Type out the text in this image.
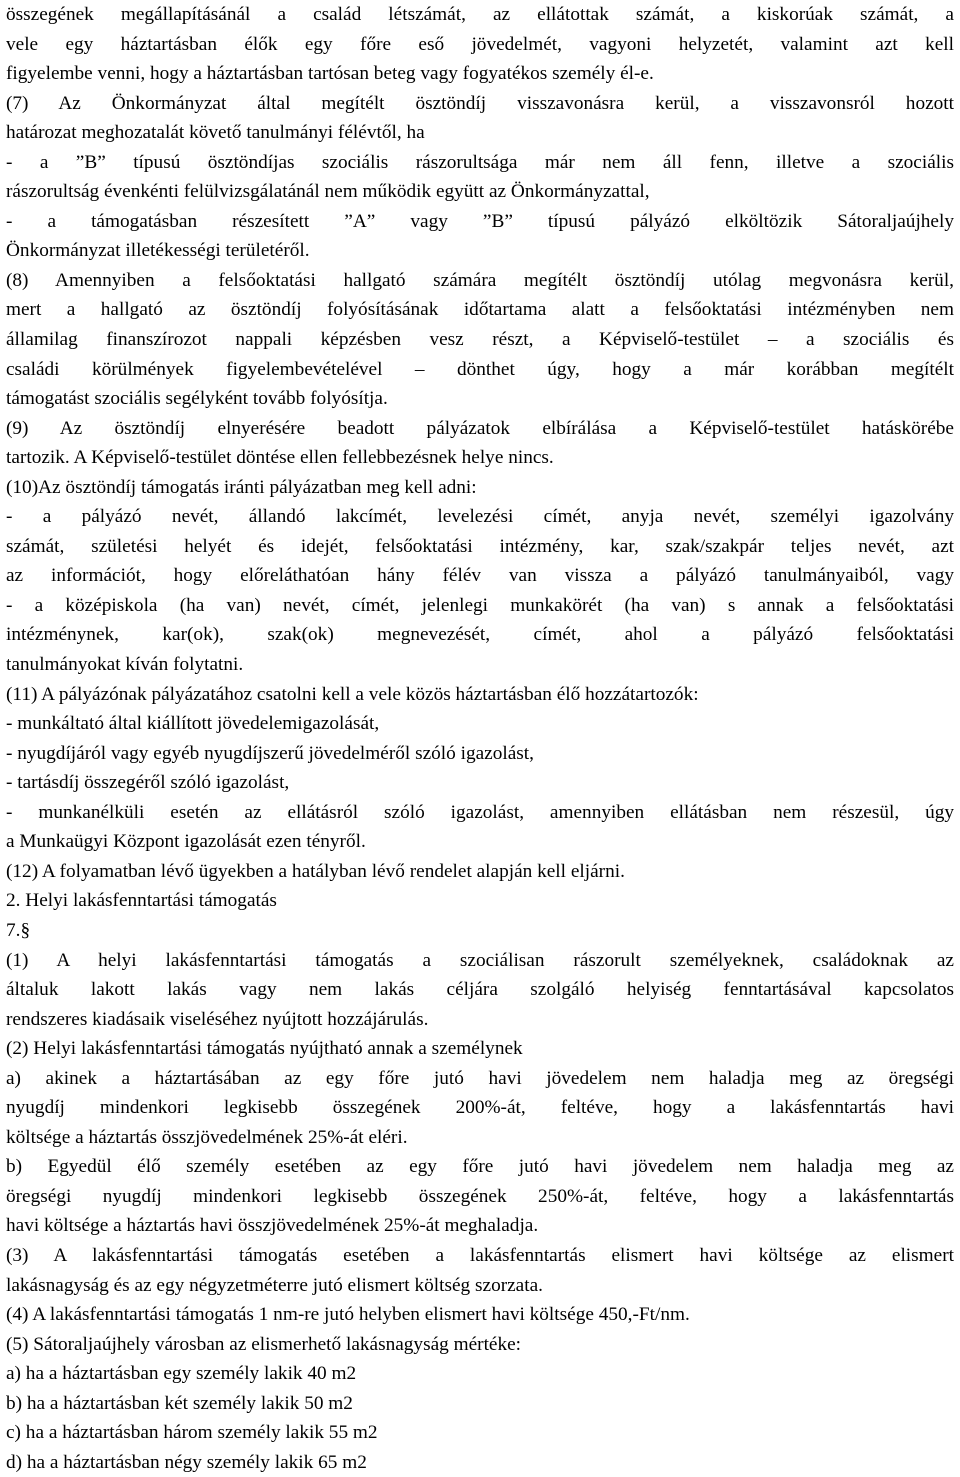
összegének megállapításánál a család létszámát, az ellátottak számát, a kiskorúak számát, a
vele egy háztartásban élők egy főre eső jövedelmét, vagyoni helyzetét, valamint azt kell
figyelembe venni, hogy a háztartásban tartósan beteg vagy fogyatékos személy él-e.
(7) Az Önkormányzat által megítélt ösztöndíj visszavonásra kerül, a visszavonsról hozott
határozat meghozatalát követő tanulmányi félévtől, ha
- a ”B” típusú ösztöndíjas szociális rászorultsága már nem áll fenn, illetve a szociális
rászorultság évenkénti felülvizsgálatánál nem működik együtt az Önkormányzattal,
- a támogatásban részesített ”A” vagy ”B” típusú pályázó elköltözik Sátoraljaújhely
Önkormányzat illetékességi területéről.
(8) Amennyiben a felsőoktatási hallgató számára megítélt ösztöndíj utólag megvonásra kerül,
mert a hallgató az ösztöndíj folyósításának időtartama alatt a felsőoktatási intézményben nem
államilag finanszírozot nappali képzésben vesz részt, a Képviselő-testület – a szociális és
családi körülmények figyelembevételével – dönthet úgy, hogy a már korábban megítélt
támogatást szociális segélyként tovább folyósítja.
(9) Az ösztöndíj elnyerésére beadott pályázatok elbírálása a Képviselő-testület hatáskörébe
tartozik. A Képviselő-testület döntése ellen fellebbezésnek helye nincs.
(10)Az ösztöndíj támogatás iránti pályázatban meg kell adni:
- a pályázó nevét, állandó lakcímét, levelezési címét, anyja nevét, személyi igazolvány
számát, születési helyét és idejét, felsőoktatási intézmény, kar, szak/szakpár teljes nevét, azt
az információt, hogy előreláthatóan hány félév van vissza a pályázó tanulmányaiból, vagy
- a középiskola (ha van) nevét, címét, jelenlegi munkakörét (ha van) s annak a felsőoktatási
intézménynek, kar(ok), szak(ok) megnevezését, címét, ahol a pályázó felsőoktatási
tanulmányokat kíván folytatni.
(11) A pályázónak pályázatához csatolni kell a vele közös háztartásban élő hozzátartozók:
- munkáltató által kiállított jövedelemigazolását,
- nyugdíjáról vagy egyéb nyugdíjszerű jövedelméről szóló igazolást,
- tartásdíj összegéről szóló igazolást,
- munkanélküli esetén az ellátásról szóló igazolást, amennyiben ellátásban nem részesül, úgy
a Munkaügyi Központ igazolását ezen tényről.
(12) A folyamatban lévő ügyekben a hatályban lévő rendelet alapján kell eljárni.
2. Helyi lakásfenntartási támogatás
7.§
(1) A helyi lakásfenntartási támogatás a szociálisan rászorult személyeknek, családoknak az
általuk lakott lakás vagy nem lakás céljára szolgáló helyiség fenntartásával kapcsolatos
rendszeres kiadásaik viseléséhez nyújtott hozzájárulás.
(2) Helyi lakásfenntartási támogatás nyújtható annak a személynek
a) akinek a háztartásában az egy főre jutó havi jövedelem nem haladja meg az öregségi
nyugdíj mindenkori legkisebb összegének 200%-át, feltéve, hogy a lakásfenntartás havi
költsége a háztartás összjövedelmének 25%-át eléri.
b) Egyedül élő személy esetében az egy főre jutó havi jövedelem nem haladja meg az
öregségi nyugdíj mindenkori legkisebb összegének 250%-át, feltéve, hogy a lakásfenntartás
havi költsége a háztartás havi összjövedelmének 25%-át meghaladja.
(3) A lakásfenntartási támogatás esetében a lakásfenntartás elismert havi költsége az elismert
lakásnagyság és az egy négyzetméterre jutó elismert költség szorzata.
(4) A lakásfenntartási támogatás 1 nm-re jutó helyben elismert havi költsége 450,-Ft/nm.
(5) Sátoraljaújhely városban az elismerhető lakásnagyság mértéke:
a) ha a háztartásban egy személy lakik 40 m2
b) ha a háztartásban két személy lakik 50 m2
c) ha a háztartásban három személy lakik 55 m2
d) ha a háztartásban négy személy lakik 65 m2
